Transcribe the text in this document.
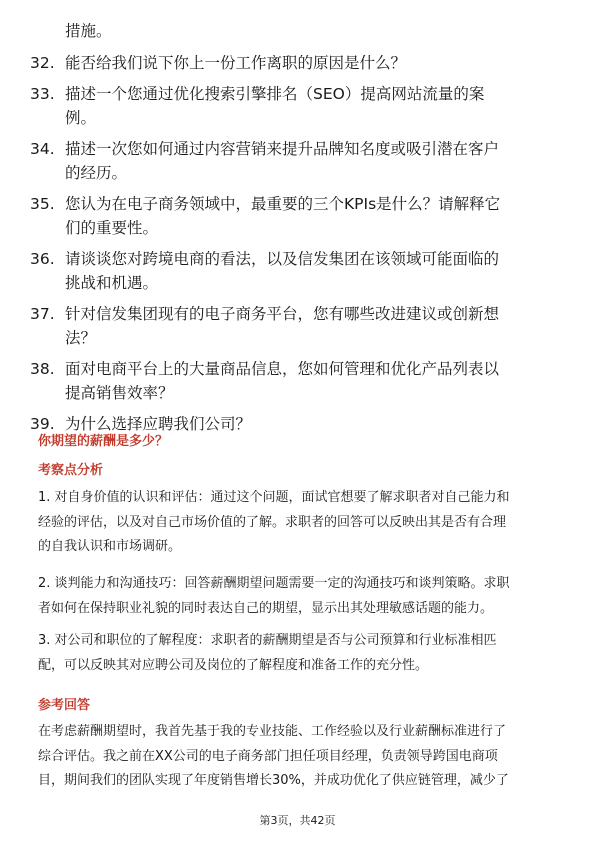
措施。
32. 能否给我们说下你上一份工作离职的原因是什么？
33. 描述一个您通过优化搜索引擎排名（SEO）提高网站流量的案
例。
34. 描述一次您如何通过内容营销来提升品牌知名度或吸引潜在客户
的经历。
35. 您认为在电子商务领域中，最重要的三个KPIs是什么？请解释它
们的重要性。
36. 请谈谈您对跨境电商的看法，以及信发集团在该领域可能面临的
挑战和机遇。
37. 针对信发集团现有的电子商务平台，您有哪些改进建议或创新想
法？
38. 面对电商平台上的大量商品信息，您如何管理和优化产品列表以
提高销售效率？
39. 为什么选择应聘我们公司？
你期望的薪酬是多少？
考察点分析
1. 对自身价值的认识和评估：通过这个问题，面试官想要了解求职者对自己能力和
经验的评估，以及对自己市场价值的了解。求职者的回答可以反映出其是否有合理
的自我认识和市场调研。
2. 谈判能力和沟通技巧：回答薪酬期望问题需要一定的沟通技巧和谈判策略。求职
者如何在保持职业礼貌的同时表达自己的期望，显示出其处理敏感话题的能力。
3. 对公司和职位的了解程度：求职者的薪酬期望是否与公司预算和行业标准相匹
配，可以反映其对应聘公司及岗位的了解程度和准备工作的充分性。
参考回答
在考虑薪酬期望时，我首先基于我的专业技能、工作经验以及行业薪酬标准进行了
综合评估。我之前在XX公司的电子商务部门担任项目经理，负责领导跨国电商项
目，期间我们的团队实现了年度销售增长30%，并成功优化了供应链管理，减少了
第3页，共42页
